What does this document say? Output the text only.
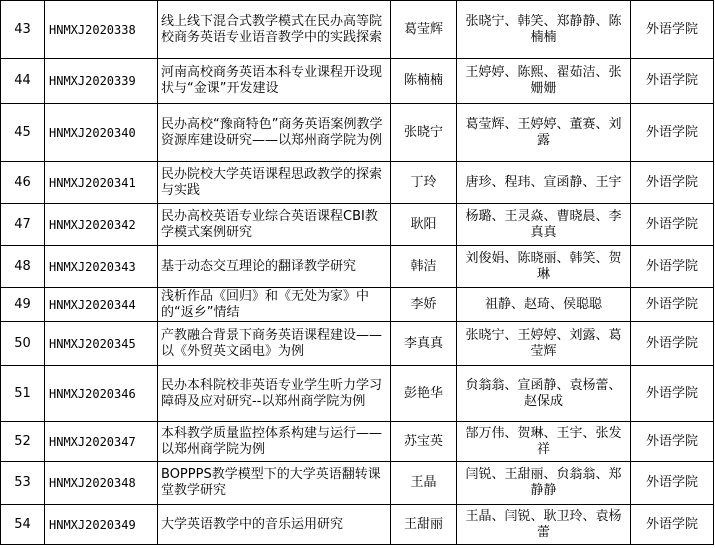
43	HNMXJ2020338	线上线下混合式教学模式在民办高等院校商务英语专业语音教学中的实践探索	葛莹辉	张晓宁、韩笑、郑静静、陈楠楠	外语学院
44	HNMXJ2020339	河南高校商务英语本科专业课程开设现状与“金课”开发建设	陈楠楠	王婷婷、陈熙、翟茹洁、张姗姗	外语学院
45	HNMXJ2020340	民办高校“豫商特色”商务英语案例教学资源库建设研究——以郑州商学院为例	张晓宁	葛莹辉、王婷婷、董赛、刘露	外语学院
46	HNMXJ2020341	民办院校大学英语课程思政教学的探索与实践	丁玲	唐珍、程玮、宣函静、王宇	外语学院
47	HNMXJ2020342	民办高校英语专业综合英语课程CBI教学模式案例研究	耿阳	杨璐、王灵焱、曹晓晨、李真真	外语学院
48	HNMXJ2020343	基于动态交互理论的翻译教学研究	韩洁	刘俊娟、陈晓丽、韩笑、贺琳	外语学院
49	HNMXJ2020344	浅析作品《回归》和《无处为家》中的“返乡”情结	李娇	祖静、赵琦、侯聪聪	外语学院
50	HNMXJ2020345	产教融合背景下商务英语课程建设——以《外贸英文函电》为例	李真真	张晓宁、王婷婷、刘露、葛莹辉	外语学院
51	HNMXJ2020346	民办本科院校非英语专业学生听力学习障碍及应对研究--以郑州商学院为例	彭艳华	贠翁翁、宣函静、袁杨蕾、赵保成	外语学院
52	HNMXJ2020347	本科教学质量监控体系构建与运行——以郑州商学院为例	苏宝英	郜万伟、贺琳、王宇、张发祥	外语学院
53	HNMXJ2020348	BOPPPS教学模型下的大学英语翻转课堂教学研究	王晶	闫锐、王甜丽、贠翁翁、郑静静	外语学院
54	HNMXJ2020349	大学英语教学中的音乐运用研究	王甜丽	王晶、闫锐、耿卫玲、袁杨蕾	外语学院
